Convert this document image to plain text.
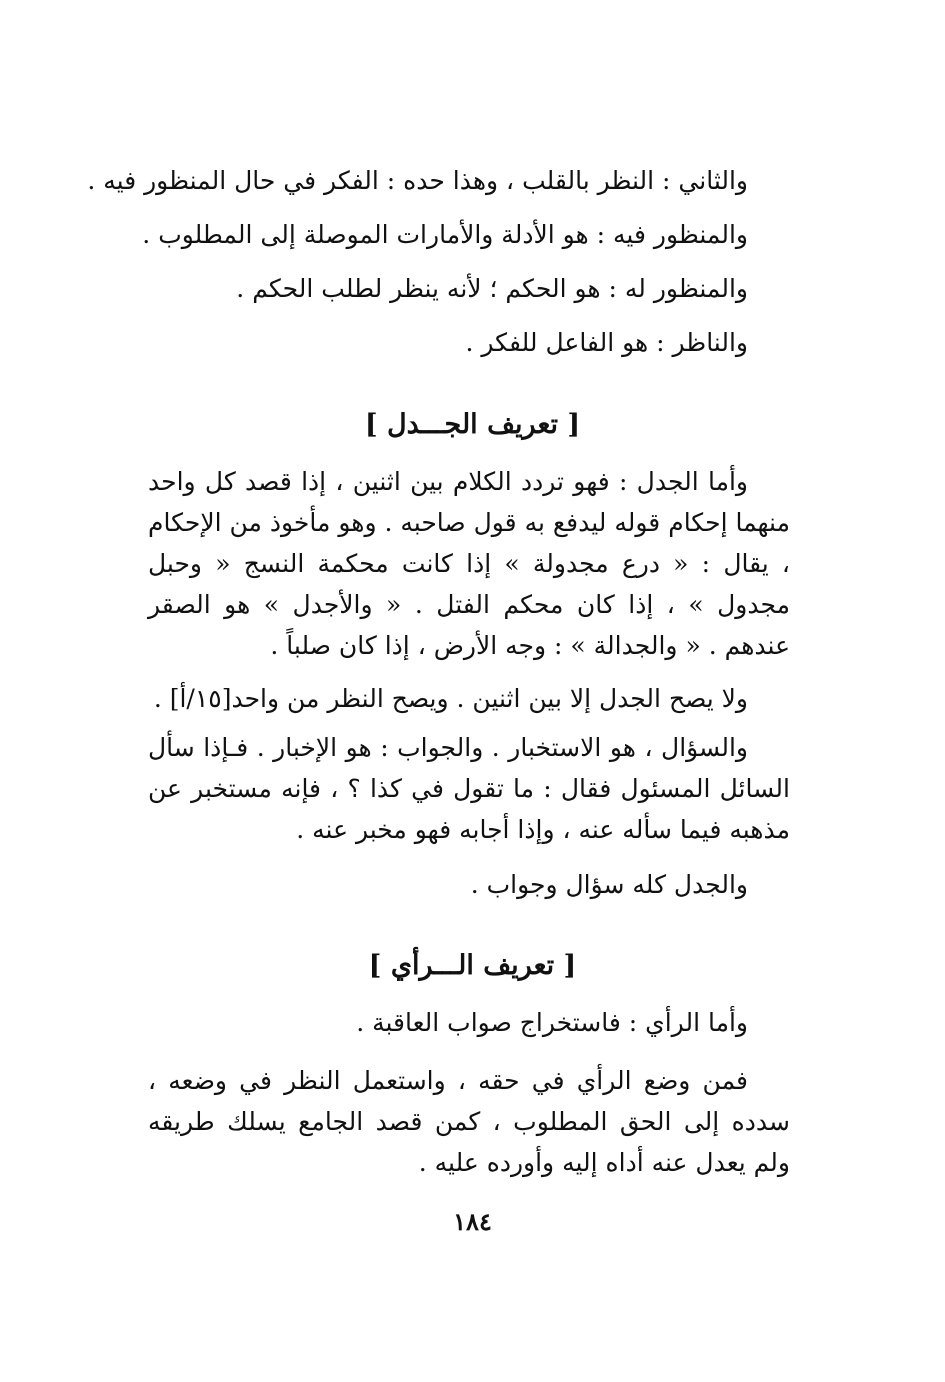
والثاني : النظر بالقلب ، وهذا حده : الفكر في حال المنظور فيه .
والمنظور فيه : هو الأدلة والأمارات الموصلة إلى المطلوب .
والمنظور له : هو الحكم ؛ لأنه ينظر لطلب الحكم .
والناظر : هو الفاعل للفكر .
[ تعريف الجـــدل ]
وأما الجدل : فهو تردد الكلام بين اثنين ، إذا قصد كل واحد منهما إحكام قوله ليدفع به قول صاحبه . وهو مأخوذ من الإحكام ، يقال : « درع مجدولة » إذا كانت محكمة النسج « وحبل مجدول » ، إذا كان محكم الفتل . « والأجدل » هو الصقر عندهم . « والجدالة » : وجه الأرض ، إذا كان صلباً .
ولا يصح الجدل إلا بين اثنين . ويصح النظر من واحد[١٥/أ] .
والسؤال ، هو الاستخبار . والجواب : هو الإخبار . فـإذا سأل السائل المسئول فقال : ما تقول في كذا ؟ ، فإنه مستخبر عن مذهبه فيما سأله عنه ، وإذا أجابه فهو مخبر عنه .
والجدل كله سؤال وجواب .
[ تعريف الـــرأي ]
وأما الرأي : فاستخراج صواب العاقبة .
فمن وضع الرأي في حقه ، واستعمل النظر في وضعه ، سدده إلى الحق المطلوب ، كمن قصد الجامع يسلك طريقه ولم يعدل عنه أداه إليه وأورده عليه .
١٨٤
